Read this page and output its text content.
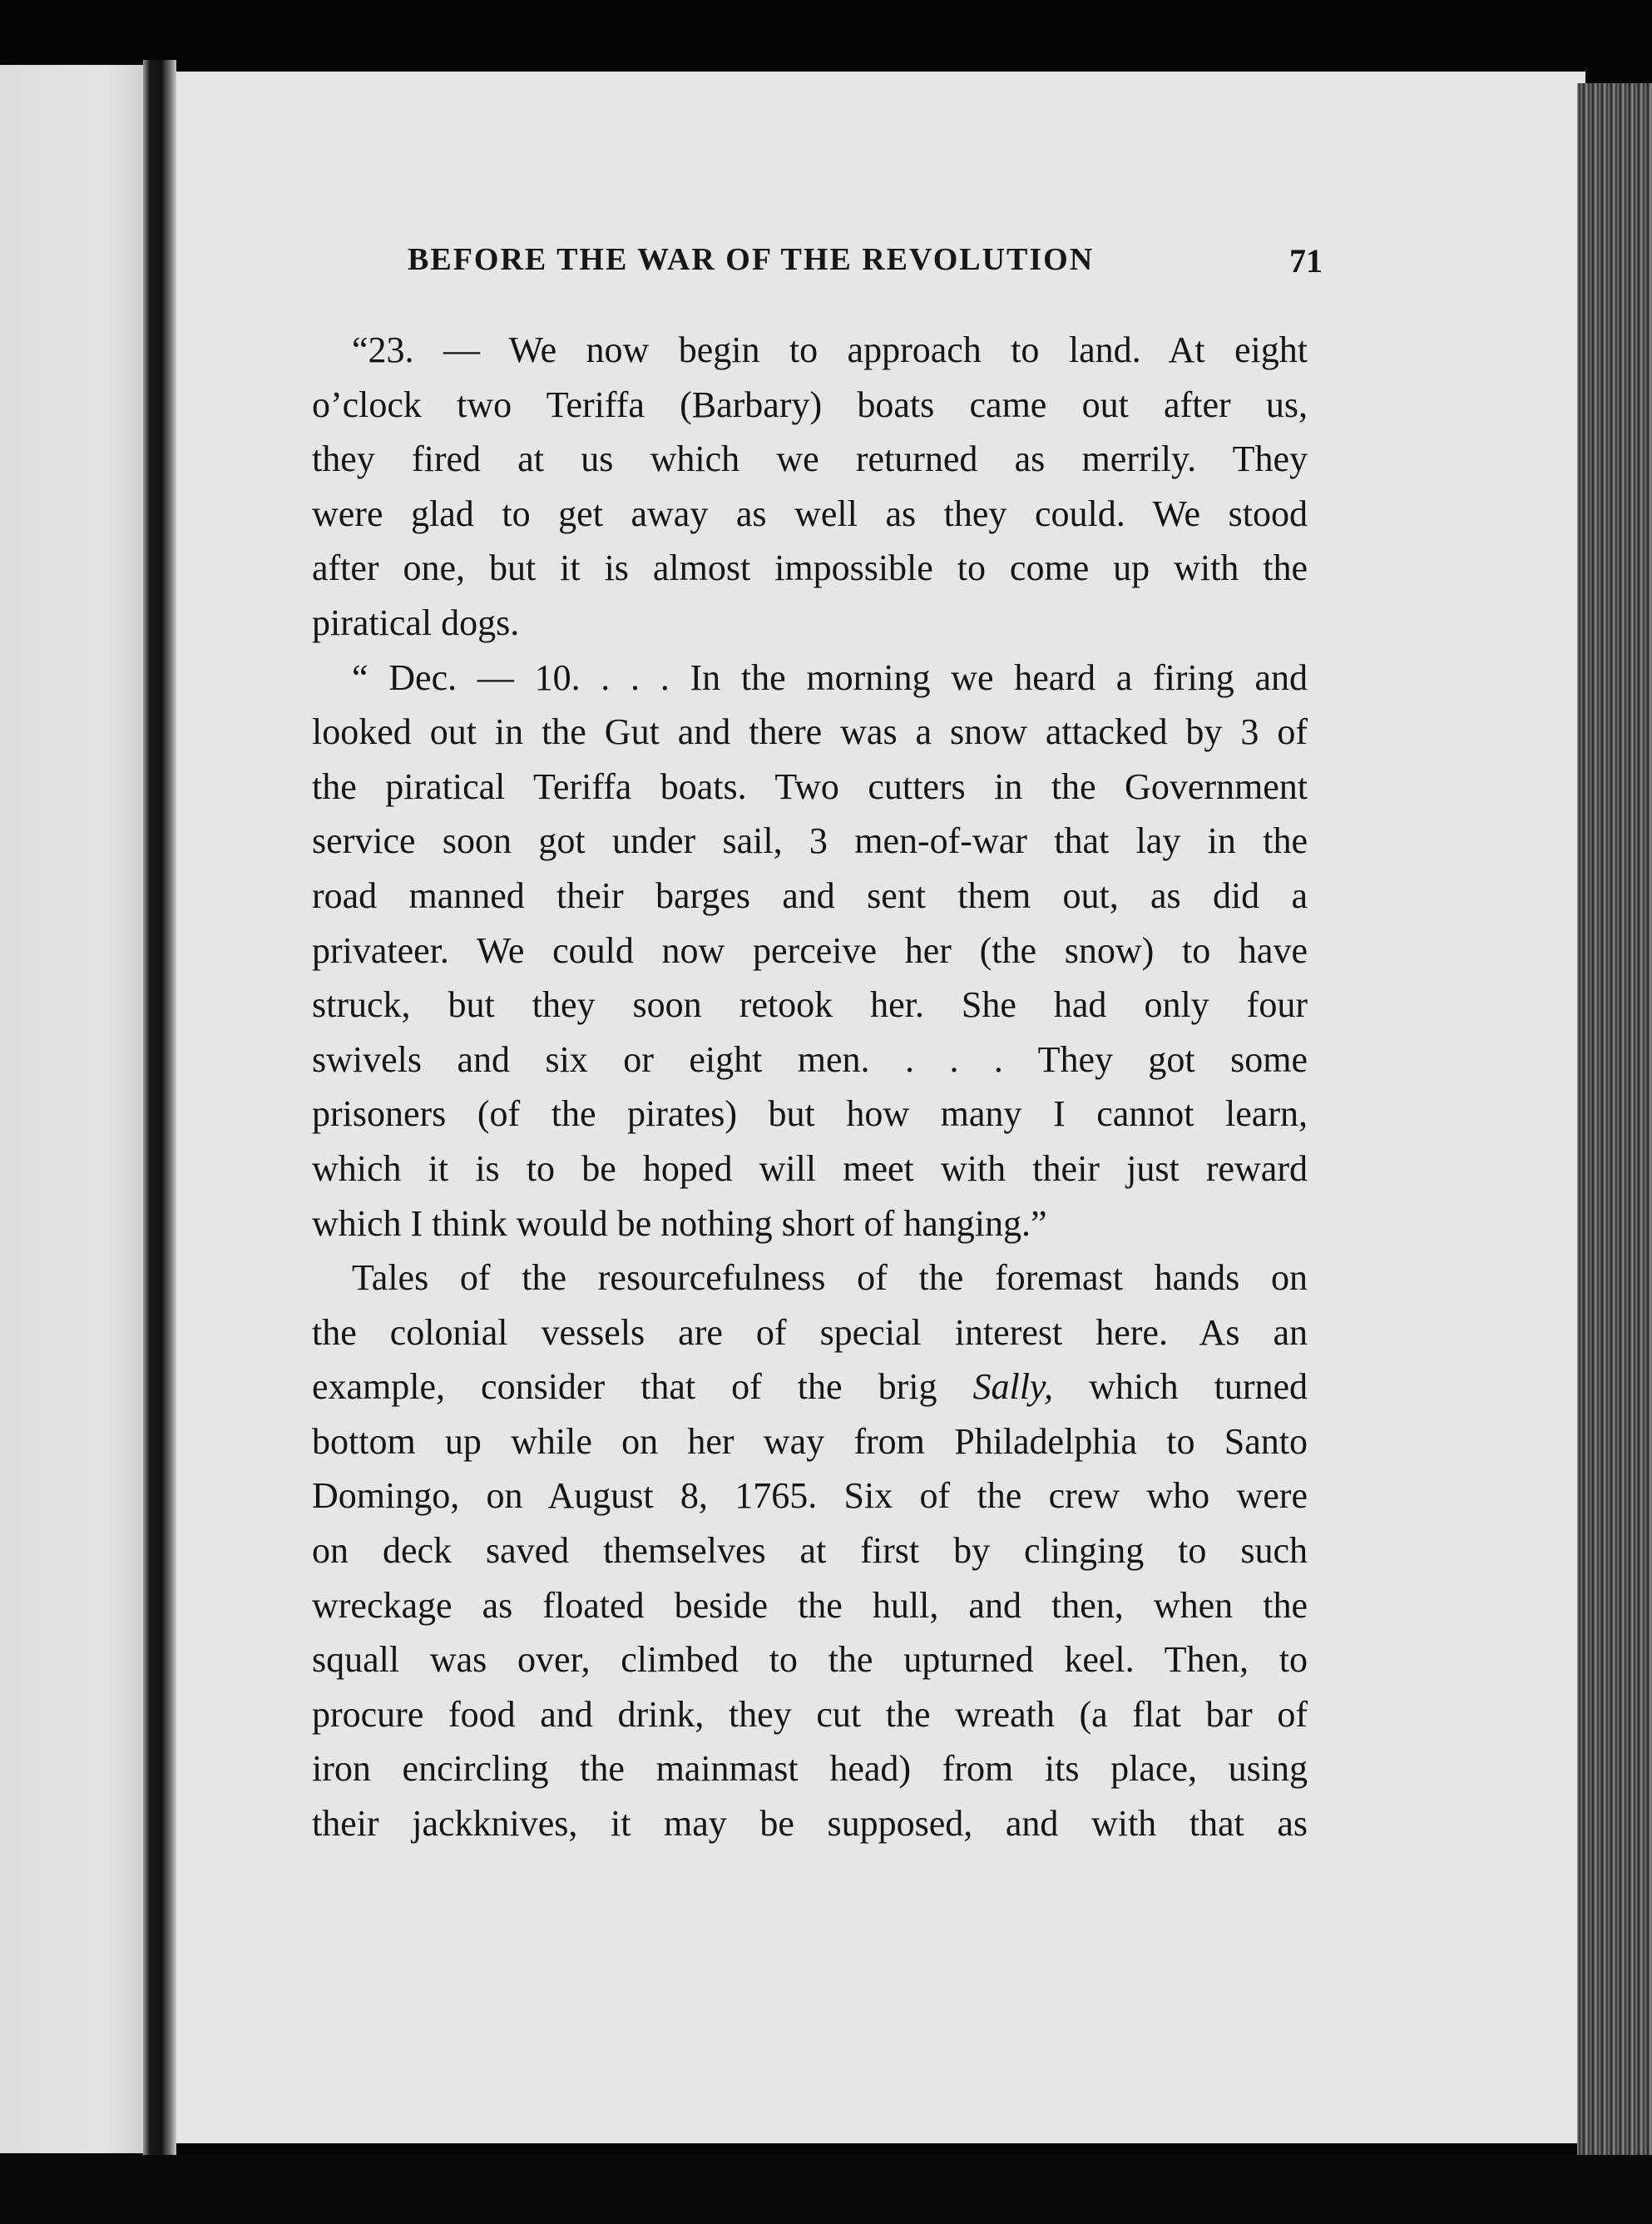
BEFORE THE WAR OF THE REVOLUTION	71
“23. — We now begin to approach to land. At eight
o’clock two Teriffa (Barbary) boats came out after us,
they fired at us which we returned as merrily. They
were glad to get away as well as they could. We stood
after one, but it is almost impossible to come up with the
piratical dogs.
“ Dec. — 10. . . . In the morning we heard a firing and
looked out in the Gut and there was a snow attacked by 3 of
the piratical Teriffa boats. Two cutters in the Government
service soon got under sail, 3 men-of-war that lay in the
road manned their barges and sent them out, as did a
privateer. We could now perceive her (the snow) to have
struck, but they soon retook her. She had only four
swivels and six or eight men. . . . They got some
prisoners (of the pirates) but how many I cannot learn,
which it is to be hoped will meet with their just reward
which I think would be nothing short of hanging.”
Tales of the resourcefulness of the foremast hands on
the colonial vessels are of special interest here. As an
example, consider that of the brig Sally, which turned
bottom up while on her way from Philadelphia to Santo
Domingo, on August 8, 1765. Six of the crew who were
on deck saved themselves at first by clinging to such
wreckage as floated beside the hull, and then, when the
squall was over, climbed to the upturned keel. Then, to
procure food and drink, they cut the wreath (a flat bar of
iron encircling the mainmast head) from its place, using
their jackknives, it may be supposed, and with that as
